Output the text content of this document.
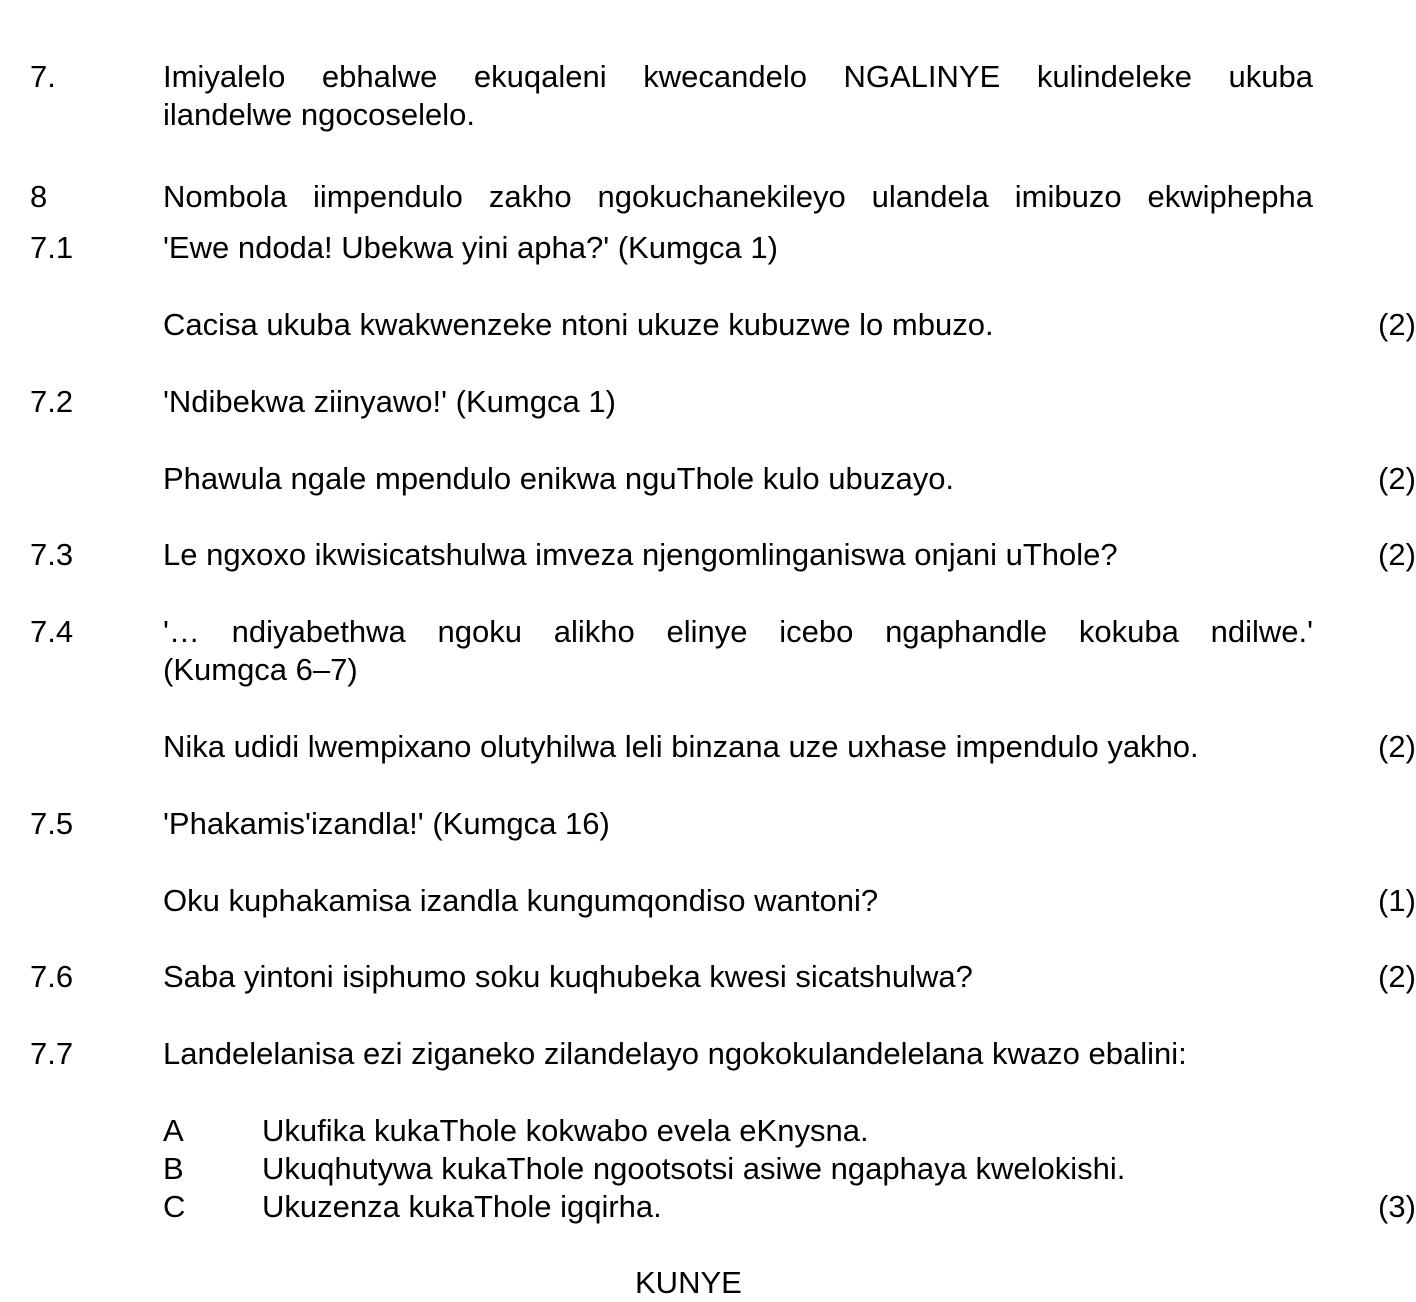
7.	Imiyalelo ebhalwe ekuqaleni kwecandelo NGALINYE kulindeleke ukuba
ilandelwe ngocoselelo.
8	Nombola iimpendulo zakho ngokuchanekileyo ulandela imibuzo ekwiphepha
7.1	'Ewe ndoda! Ubekwa yini apha?' (Kumgca 1)
Cacisa ukuba kwakwenzeke ntoni ukuze kubuzwe lo mbuzo.	(2)
7.2	'Ndibekwa ziinyawo!' (Kumgca 1)
Phawula ngale mpendulo enikwa nguThole kulo ubuzayo.	(2)
7.3	Le ngxoxo ikwisicatshulwa imveza njengomlinganiswa onjani uThole?	(2)
7.4	'… ndiyabethwa ngoku alikho elinye icebo ngaphandle kokuba ndilwe.'
(Kumgca 6–7)
Nika udidi lwempixano olutyhilwa leli binzana uze uxhase impendulo yakho.	(2)
7.5	'Phakamis'izandla!' (Kumgca 16)
Oku kuphakamisa izandla kungumqondiso wantoni?	(1)
7.6	Saba yintoni isiphumo soku kuqhubeka kwesi sicatshulwa?	(2)
7.7	Landelelanisa ezi ziganeko zilandelayo ngokokulandelelana kwazo ebalini:
A	Ukufika kukaThole kokwabo evela eKnysna.
B	Ukuqhutywa kukaThole ngootsotsi asiwe ngaphaya kwelokishi.
C Ukuzenza kukaThole igqirha.	(3)
KUNYE
